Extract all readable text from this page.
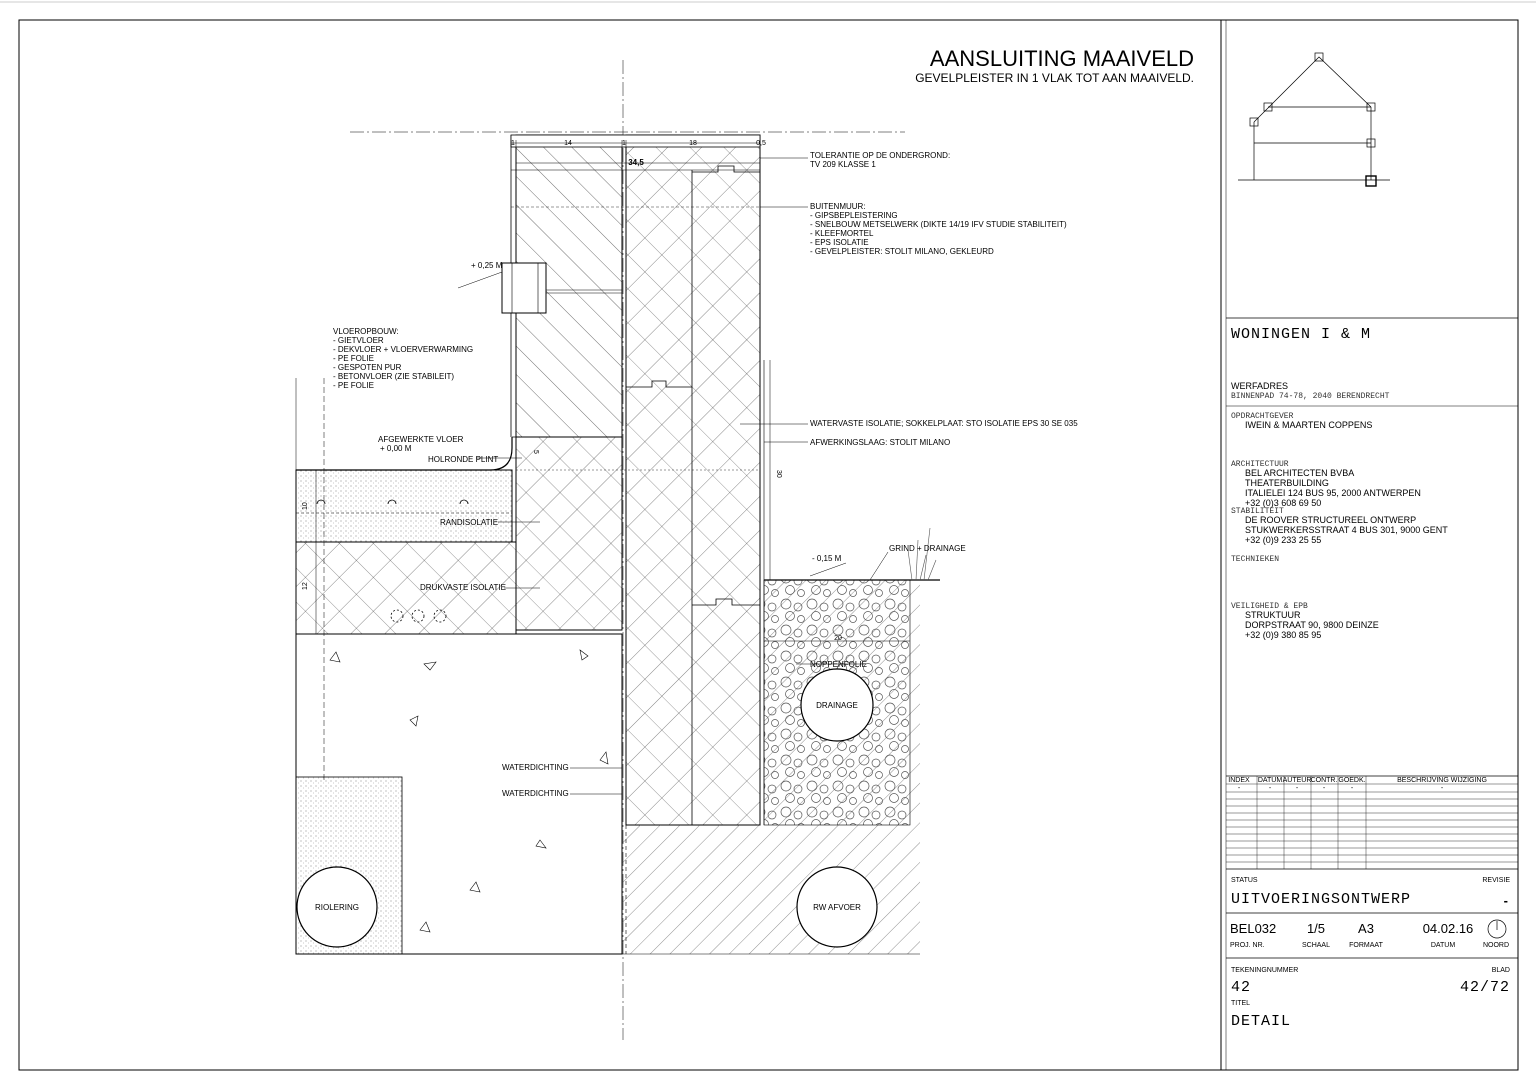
AANSLUITING MAAIVELD
GEVELPLEISTER IN 1 VLAK TOT AAN MAAIVELD.
1	14	1	18	0,5
34,5
30
5
10
12
20
+ 0,25 M
- 0,15 M
TOLERANTIE OP DE ONDERGROND:
TV 209 KLASSE 1
BUITENMUUR:
- GIPSBEPLEISTERING
- SNELBOUW METSELWERK (DIKTE 14/19 IFV STUDIE STABILITEIT)
- KLEEFMORTEL
- EPS ISOLATIE
- GEVELPLEISTER: STOLIT MILANO, GEKLEURD
VLOEROPBOUW:
- GIETVLOER
- DEKVLOER + VLOERVERWARMING
- PE FOLIE
- GESPOTEN PUR
- BETONVLOER (ZIE STABILEIT)
- PE FOLIE
AFGEWERKTE VLOER
+ 0,00 M
HOLRONDE PLINT
RANDISOLATIE
DRUKVASTE ISOLATIE
WATERVASTE ISOLATIE; SOKKELPLAAT: STO ISOLATIE EPS 30 SE 035
AFWERKINGSLAAG: STOLIT MILANO
GRIND + DRAINAGE
NOPPENFOLIE
DRAINAGE
WATERDICHTING
WATERDICHTING
RIOLERING	RW AFVOER
WONINGEN I & M
WERFADRES
BINNENPAD 74-78, 2040 BERENDRECHT
OPDRACHTGEVER
IWEIN & MAARTEN COPPENS
ARCHITECTUUR
BEL ARCHITECTEN BVBA
THEATERBUILDING
ITALIELEI 124 BUS 95, 2000 ANTWERPEN
+32 (0)3 608 69 50
STABILITEIT
DE ROOVER STRUCTUREEL ONTWERP
STUKWERKERSSTRAAT 4 BUS 301, 9000 GENT
+32 (0)9 233 25 55
TECHNIEKEN
VEILIGHEID & EPB
STRUKTUUR
DORPSTRAAT 90, 9800 DEINZE
+32 (0)9 380 85 95
INDEX DATUM AUTEUR CONTR. GOEDK.	BESCHRIJVING WIJZIGING
-	-	-	-	-	-
STATUS	REVISIE
UITVOERINGSONTWERP	-
BEL032 1/5	A3	04.02.16
PROJ. NR.	SCHAAL	FORMAAT	DATUM	NOORD
TEKENINGNUMMER	BLAD
42	42/72
TITEL
DETAIL
